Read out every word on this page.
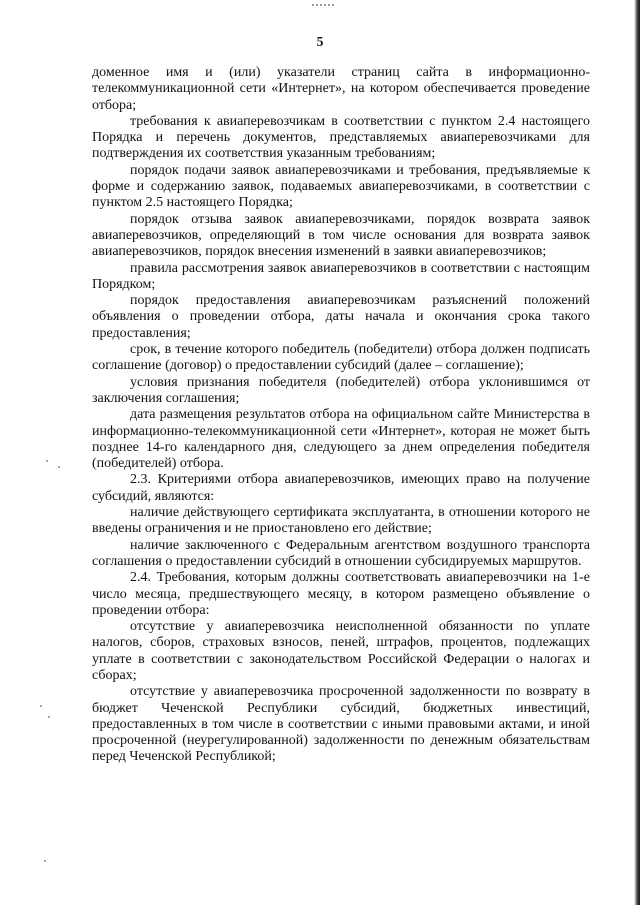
5

доменное имя и (или) указатели страниц сайта в информационно-телекоммуникационной сети «Интернет», на котором обеспечивается проведение отбора;

требования к авиаперевозчикам в соответствии с пунктом 2.4 настоящего Порядка и перечень документов, представляемых авиаперевозчиками для подтверждения их соответствия указанным требованиям;

порядок подачи заявок авиаперевозчиками и требования, предъявляемые к форме и содержанию заявок, подаваемых авиаперевозчиками, в соответствии с пунктом 2.5 настоящего Порядка;

порядок отзыва заявок авиаперевозчиками, порядок возврата заявок авиаперевозчиков, определяющий в том числе основания для возврата заявок авиаперевозчиков, порядок внесения изменений в заявки авиаперевозчиков;

правила рассмотрения заявок авиаперевозчиков в соответствии с настоящим Порядком;

порядок предоставления авиаперевозчикам разъяснений положений объявления о проведении отбора, даты начала и окончания срока такого предоставления;

срок, в течение которого победитель (победители) отбора должен подписать соглашение (договор) о предоставлении субсидий (далее – соглашение);

условия признания победителя (победителей) отбора уклонившимся от заключения соглашения;

дата размещения результатов отбора на официальном сайте Министерства в информационно-телекоммуникационной сети «Интернет», которая не может быть позднее 14-го календарного дня, следующего за днем определения победителя (победителей) отбора.

2.3. Критериями отбора авиаперевозчиков, имеющих право на получение субсидий, являются:

наличие действующего сертификата эксплуатанта, в отношении которого не введены ограничения и не приостановлено его действие;

наличие заключенного с Федеральным агентством воздушного транспорта соглашения о предоставлении субсидий в отношении субсидируемых маршрутов.

2.4. Требования, которым должны соответствовать авиаперевозчики на 1-е число месяца, предшествующего месяцу, в котором размещено объявление о проведении отбора:

отсутствие у авиаперевозчика неисполненной обязанности по уплате налогов, сборов, страховых взносов, пеней, штрафов, процентов, подлежащих уплате в соответствии с законодательством Российской Федерации о налогах и сборах;

отсутствие у авиаперевозчика просроченной задолженности по возврату в бюджет Чеченской Республики субсидий, бюджетных инвестиций, предоставленных в том числе в соответствии с иными правовыми актами, и иной просроченной (неурегулированной) задолженности по денежным обязательствам перед Чеченской Республикой;
